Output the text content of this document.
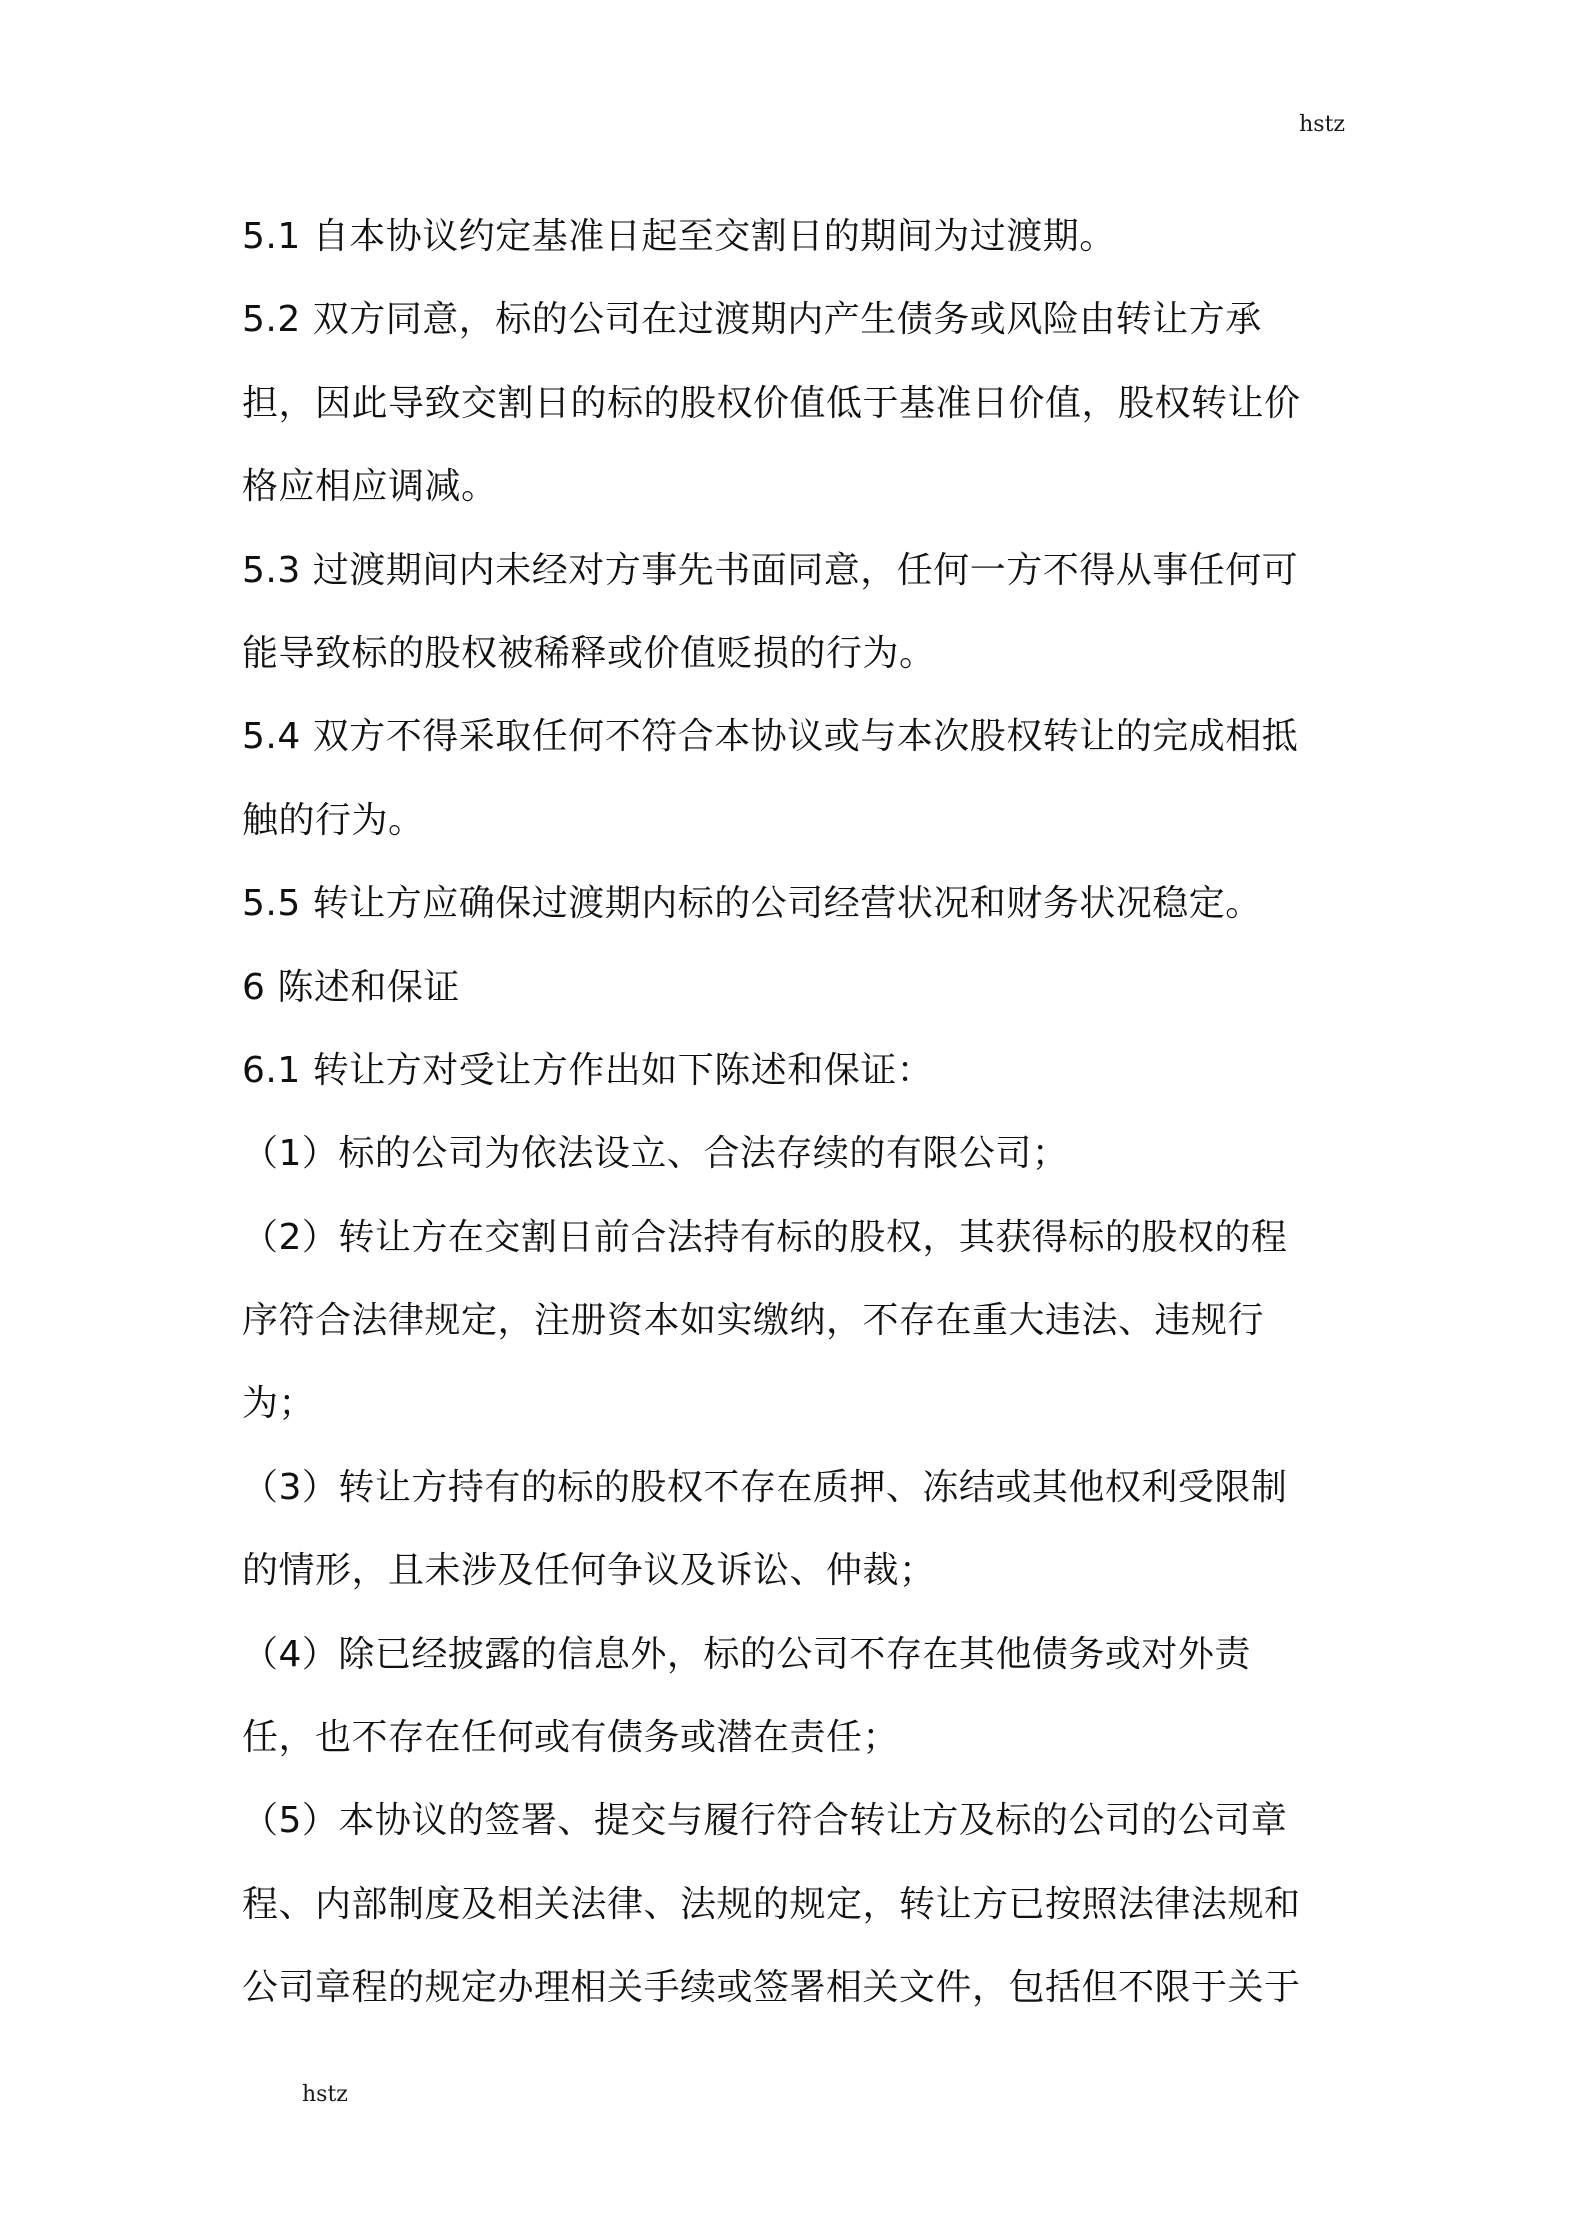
hstz
5.1 自本协议约定基准日起至交割日的期间为过渡期。
5.2 双方同意，标的公司在过渡期内产生债务或风险由转让方承
担，因此导致交割日的标的股权价值低于基准日价值，股权转让价
格应相应调减。
5.3 过渡期间内未经对方事先书面同意，任何一方不得从事任何可
能导致标的股权被稀释或价值贬损的行为。
5.4 双方不得采取任何不符合本协议或与本次股权转让的完成相抵
触的行为。
5.5 转让方应确保过渡期内标的公司经营状况和财务状况稳定。
6 陈述和保证
6.1 转让方对受让方作出如下陈述和保证：
（1）标的公司为依法设立、合法存续的有限公司；
（2）转让方在交割日前合法持有标的股权，其获得标的股权的程
序符合法律规定，注册资本如实缴纳，不存在重大违法、违规行
为；
（3）转让方持有的标的股权不存在质押、冻结或其他权利受限制
的情形，且未涉及任何争议及诉讼、仲裁；
（4）除已经披露的信息外，标的公司不存在其他债务或对外责
任，也不存在任何或有债务或潜在责任；
（5）本协议的签署、提交与履行符合转让方及标的公司的公司章
程、内部制度及相关法律、法规的规定，转让方已按照法律法规和
公司章程的规定办理相关手续或签署相关文件，包括但不限于关于
hstz
